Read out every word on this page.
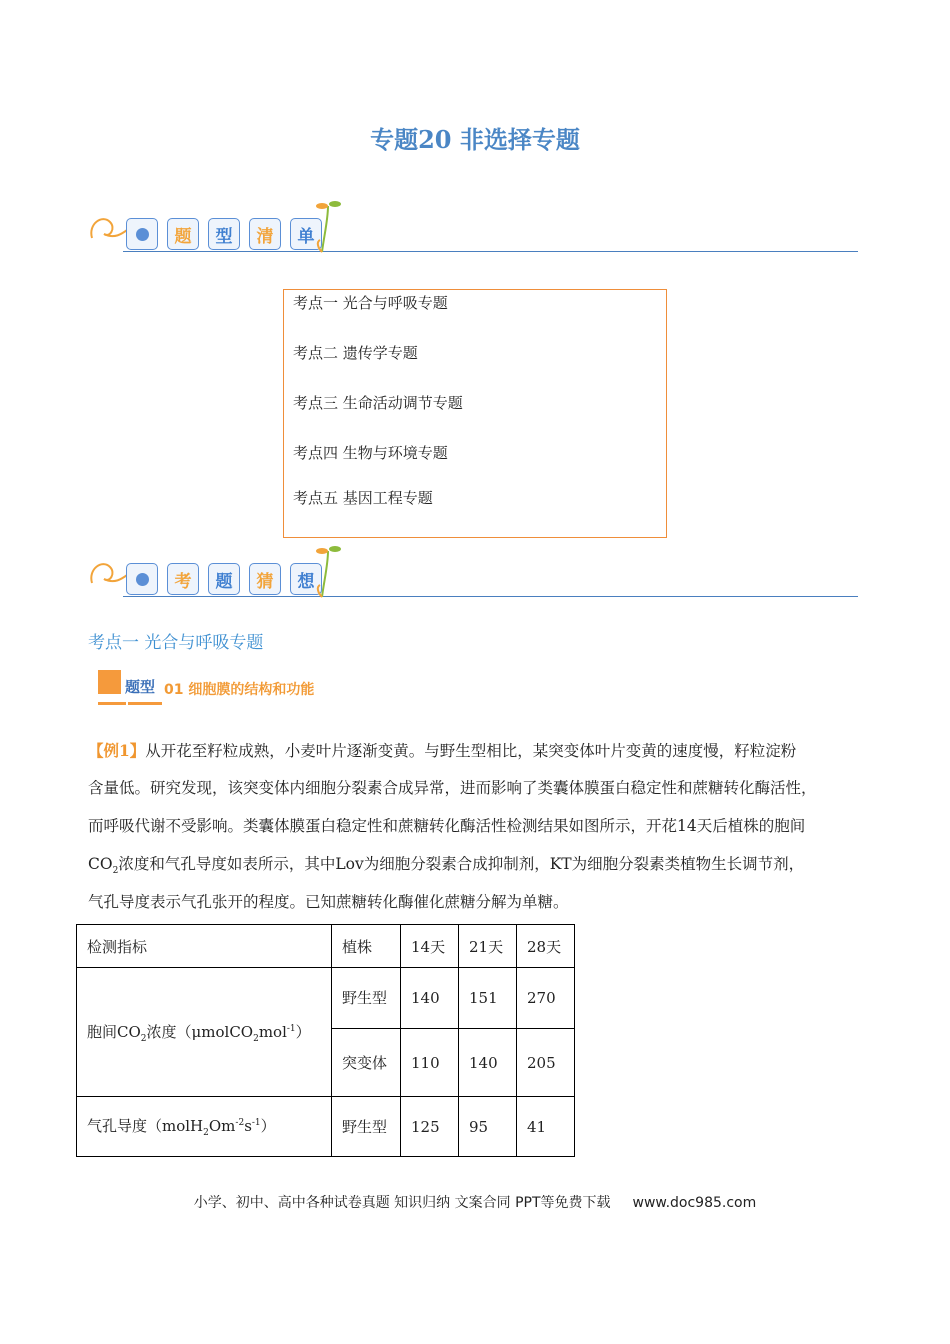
专题20 非选择专题
题	型	清	单
考点一 光合与呼吸专题
考点二 遗传学专题
考点三 生命活动调节专题
考点四 生物与环境专题
考点五 基因工程专题
考	题	猜	想
考点一 光合与呼吸专题
题型 01 细胞膜的结构和功能
【例1】从开花至籽粒成熟，小麦叶片逐渐变黄。与野生型相比，某突变体叶片变黄的速度慢，籽粒淀粉
含量低。研究发现，该突变体内细胞分裂素合成异常，进而影响了类囊体膜蛋白稳定性和蔗糖转化酶活性，
而呼吸代谢不受影响。类囊体膜蛋白稳定性和蔗糖转化酶活性检测结果如图所示，开花14天后植株的胞间
$CO_2$浓度和气孔导度如表所示，其中Lov为细胞分裂素合成抑制剂，KT为细胞分裂素类植物生长调节剂，
气孔导度表示气孔张开的程度。已知蔗糖转化酶催化蔗糖分解为单糖。
检测指标	植株	14天	21天	28天
胞间$CO_2$浓度（μmolCO$_2$mol$^{-1}$）	野生型	140	151	270
	突变体	110	140	205
气孔导度$(molH_2Om^{-2}s^{-1})$	野生型	125	95	41
小学、初中、高中各种试卷真题 知识归纳 文案合同 PPT等免费下载 www.doc985.com
